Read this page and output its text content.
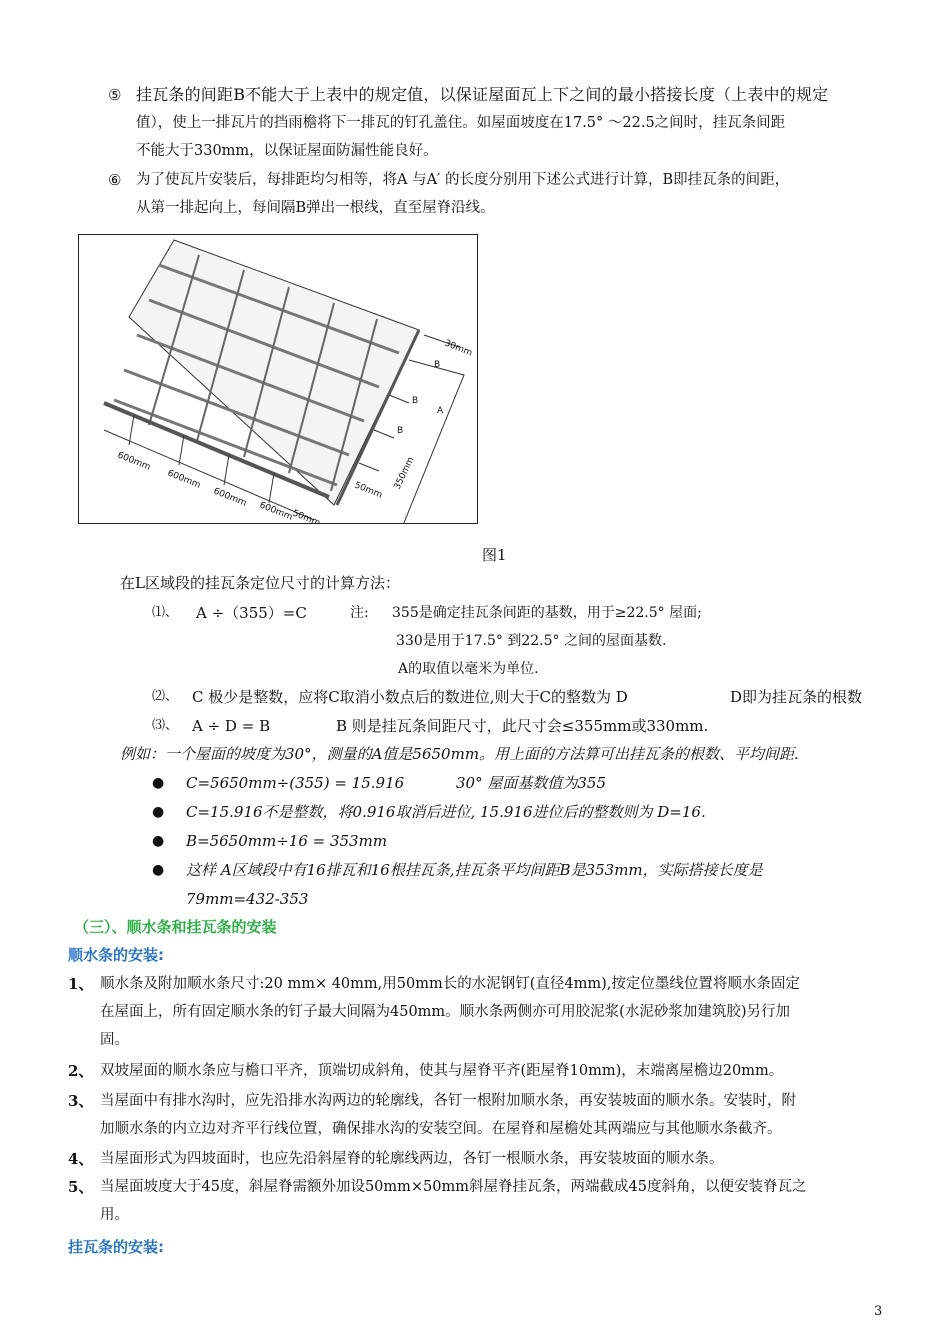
⑤ 挂瓦条的间距B不能大于上表中的规定值，以保证屋面瓦上下之间的最小搭接长度（上表中的规定
值），使上一排瓦片的挡雨檐将下一排瓦的钉孔盖住。如屋面坡度在17.5° ～22.5之间时，挂瓦条间距
不能大于330mm，以保证屋面防漏性能良好。
⑥ 为了使瓦片安装后，每排距均匀相等，将A 与A′ 的长度分别用下述公式进行计算，B即挂瓦条的间距，
从第一排起向上，每间隔B弹出一根线，直至屋脊沿线。
600mm
600mm
600mm
600mm
50mm
50mm 350mm
30mm
B
B
B
A
图1
在L区域段的挂瓦条定位尺寸的计算方法：
⑴、 A ÷（355）=C	注: 355是确定挂瓦条间距的基数，用于≥22.5° 屋面;
330是用于17.5° 到22.5° 之间的屋面基数.
A的取值以毫米为单位.
⑵、 C 极少是整数，应将C取消小数点后的数进位,则大于C的整数为 D	D即为挂瓦条的根数
⑶、 A ÷ D = B	B 则是挂瓦条间距尺寸，此尺寸会≤355mm或330mm.
例如：一个屋面的坡度为30°，测量的A值是5650mm。用上面的方法算可出挂瓦条的根数、平均间距.
● C=5650mm÷(355) = 15.916	30° 屋面基数值为355
● C=15.916不是整数，将0.916取消后进位, 15.916进位后的整数则为 D=16.
● B=5650mm÷16 = 353mm
● 这样 A区域段中有16排瓦和16根挂瓦条,挂瓦条平均间距B是353mm，实际搭接长度是
79mm=432-353
（三）、顺水条和挂瓦条的安装
顺水条的安装:
1、 顺水条及附加顺水条尺寸:20 mm× 40mm,用50mm长的水泥钢钉(直径4mm),按定位墨线位置将顺水条固定
在屋面上，所有固定顺水条的钉子最大间隔为450mm。顺水条两侧亦可用胶泥浆(水泥砂浆加建筑胶)另行加
固。
2、 双坡屋面的顺水条应与檐口平齐，顶端切成斜角，使其与屋脊平齐(距屋脊10mm)，末端离屋檐边20mm。
3、 当屋面中有排水沟时，应先沿排水沟两边的轮廓线，各钉一根附加顺水条，再安装坡面的顺水条。安装时，附
加顺水条的内立边对齐平行线位置，确保排水沟的安装空间。在屋脊和屋檐处其两端应与其他顺水条截齐。
4、 当屋面形式为四坡面时，也应先沿斜屋脊的轮廓线两边，各钉一根顺水条，再安装坡面的顺水条。
5、 当屋面坡度大于45度，斜屋脊需额外加设50mm×50mm斜屋脊挂瓦条，两端截成45度斜角，以便安装脊瓦之
用。
挂瓦条的安装:
3
